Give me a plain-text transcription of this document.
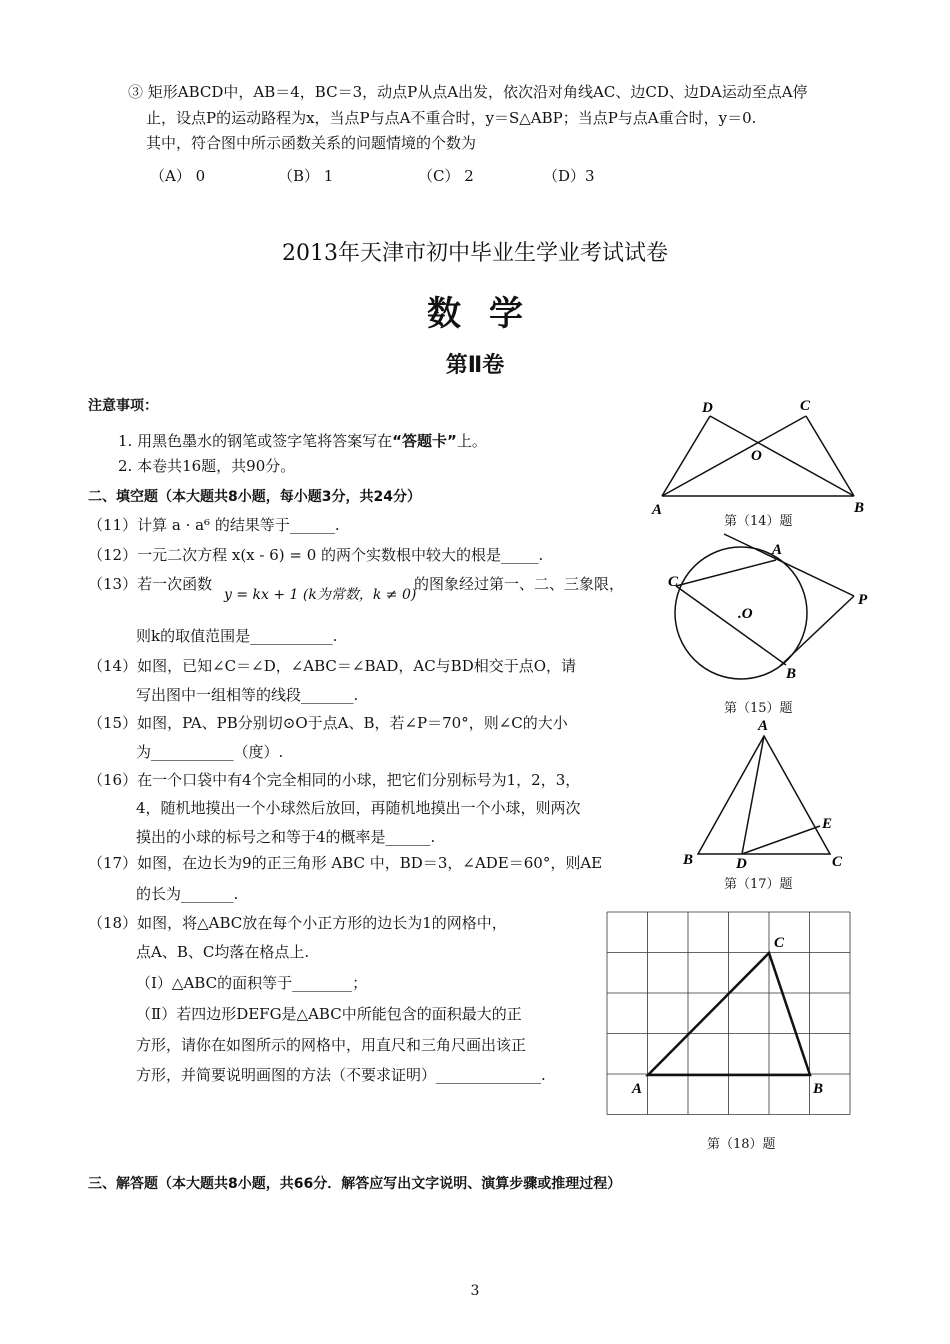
③ 矩形ABCD中，AB＝4，BC＝3，动点P从点A出发，依次沿对角线AC、边CD、边DA运动至点A停
止，设点P的运动路程为x，当点P与点A不重合时，y＝S△ABP；当点P与点A重合时，y＝0.
其中，符合图中所示函数关系的问题情境的个数为
（A） 0	（B） 1	（C） 2	（D）3
2013年天津市初中毕业生学业考试试卷
数学
第Ⅱ卷
注意事项：
1. 用黑色墨水的钢笔或签字笔将答案写在“答题卡”上。
2. 本卷共16题，共90分。
二、填空题（本大题共8小题，每小题3分，共24分）
（11）计算 a · a⁶ 的结果等于______.
（12）一元二次方程 x(x - 6) = 0 的两个实数根中较大的根是_____.
（13）若一次函数
y = kx + 1 (k为常数，k ≠ 0)
的图象经过第一、二、三象限，
则k的取值范围是___________.
（14）如图，已知∠C＝∠D，∠ABC＝∠BAD，AC与BD相交于点O，请
写出图中一组相等的线段_______.
（15）如图，PA、PB分别切⊙O于点A、B，若∠P＝70°，则∠C的大小
为___________（度）.
（16）在一个口袋中有4个完全相同的小球，把它们分别标号为1，2，3，
4，随机地摸出一个小球然后放回，再随机地摸出一个小球，则两次
摸出的小球的标号之和等于4的概率是______.
（17）如图，在边长为9的正三角形 ABC 中，BD＝3，∠ADE＝60°，则AE
的长为_______.
（18）如图，将△ABC放在每个小正方形的边长为1的网格中，
点A、B、C均落在格点上.
（Ⅰ）△ABC的面积等于________；
（Ⅱ）若四边形DEFG是△ABC中所能包含的面积最大的正
方形，请你在如图所示的网格中，用直尺和三角尺画出该正
方形，并简要说明画图的方法（不要求证明）______________.
三、解答题（本大题共8小题，共66分．解答应写出文字说明、演算步骤或推理过程）
D	C
O
A	B
第（14）题
A
C
.O
P
B
第（15）题
A
E
B	D	C
第（17）题
C
A	B
第（18）题
3
